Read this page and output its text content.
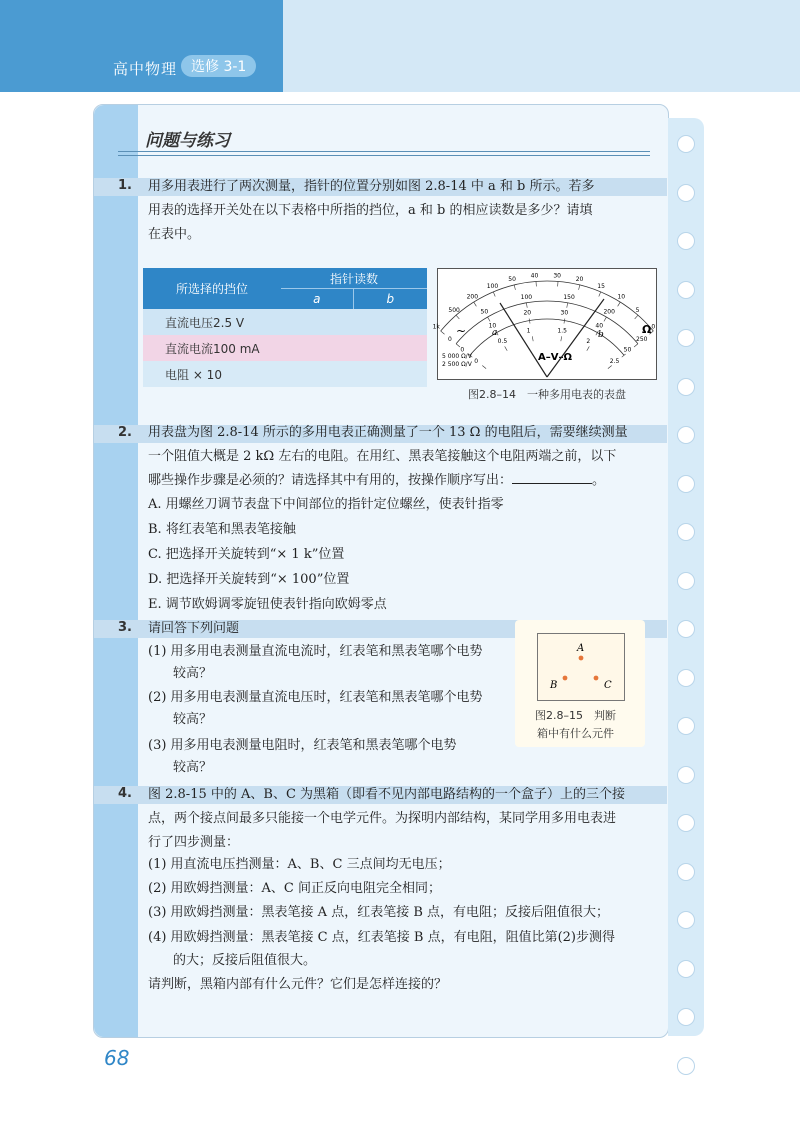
高中物理 选修 3-1
问题与练习
1. 用多用表进行了两次测量，指针的位置分别如图 2.8-14 中 a 和 b 所示。若多
用表的选择开关处在以下表格中所指的挡位，a 和 b 的相应读数是多少？请填
在表中。
所选择的挡位	指针读数	
	a	b
直流电压2.5 V		
直流电流100 mA		
电阻 × 10		
1k
500
200
100
50
40	30
20
15
10
5
0
0
50
100	150
200
250
0
10
20	30
40
50
0
0.5
1	1.5
2
2.5
A–V–Ω
Ω
~
5 000 Ω/V
2 500 Ω/V
a	b
图2.8–14　一种多用电表的表盘
2. 用表盘为图 2.8-14 所示的多用电表正确测量了一个 13 Ω 的电阻后，需要继续测量
一个阻值大概是 2 kΩ 左右的电阻。在用红、黑表笔接触这个电阻两端之前，以下
哪些操作步骤是必须的？请选择其中有用的，按操作顺序写出：	。
A. 用螺丝刀调节表盘下中间部位的指针定位螺丝，使表针指零
B. 将红表笔和黑表笔接触
C. 把选择开关旋转到“× 1 k”位置
D. 把选择开关旋转到“× 100”位置
E. 调节欧姆调零旋钮使表针指向欧姆零点
3. 请回答下列问题
(1) 用多用电表测量直流电流时，红表笔和黑表笔哪个电势
较高？
(2) 用多用电表测量直流电压时，红表笔和黑表笔哪个电势
较高？
(3) 用多用电表测量电阻时，红表笔和黑表笔哪个电势
较高？
A
B	C
图2.8–15　判断
箱中有什么元件
4. 图 2.8-15 中的 A、B、C 为黑箱（即看不见内部电路结构的一个盒子）上的三个接
点，两个接点间最多只能接一个电学元件。为探明内部结构，某同学用多用电表进
行了四步测量：
(1) 用直流电压挡测量：A、B、C 三点间均无电压；
(2) 用欧姆挡测量：A、C 间正反向电阻完全相同；
(3) 用欧姆挡测量：黑表笔接 A 点，红表笔接 B 点，有电阻；反接后阻值很大；
(4) 用欧姆挡测量：黑表笔接 C 点，红表笔接 B 点，有电阻，阻值比第(2)步测得
的大；反接后阻值很大。
请判断，黑箱内部有什么元件？它们是怎样连接的？
68
